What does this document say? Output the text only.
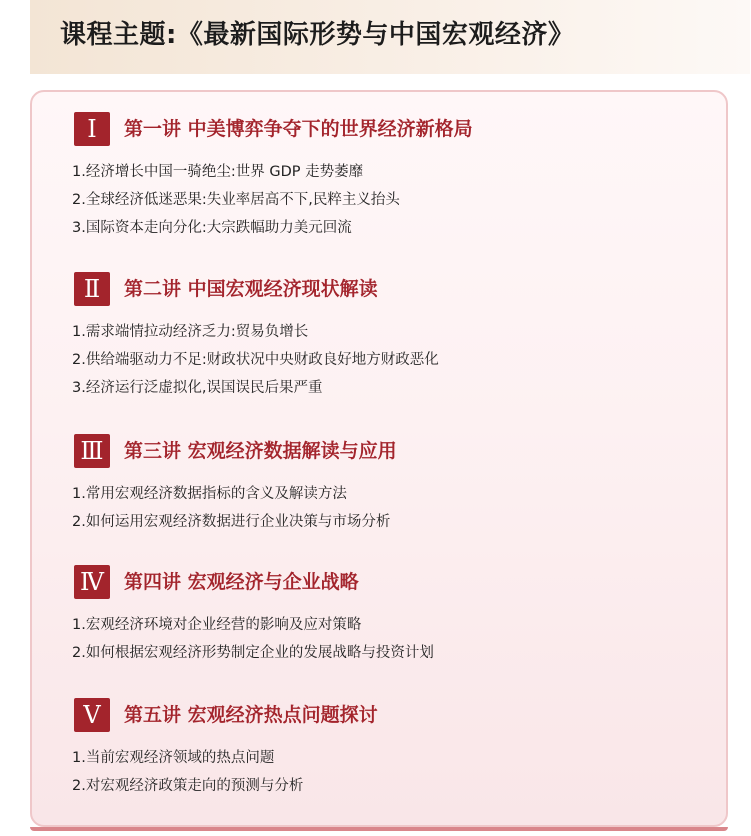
课程主题:《最新国际形势与中国宏观经济》
Ⅰ	第一讲 中美博弈争夺下的世界经济新格局
1.经济增长中国一骑绝尘:世界 GDP 走势萎靡
2.全球经济低迷恶果:失业率居高不下,民粹主义抬头
3.国际资本走向分化:大宗跌幅助力美元回流
Ⅱ	第二讲 中国宏观经济现状解读
1.需求端情拉动经济乏力:贸易负增长
2.供给端驱动力不足:财政状况中央财政良好地方财政恶化
3.经济运行泛虚拟化,误国误民后果严重
Ⅲ	第三讲 宏观经济数据解读与应用
1.常用宏观经济数据指标的含义及解读方法
2.如何运用宏观经济数据进行企业决策与市场分析
Ⅳ	第四讲 宏观经济与企业战略
1.宏观经济环境对企业经营的影响及应对策略
2.如何根据宏观经济形势制定企业的发展战略与投资计划
Ⅴ	第五讲 宏观经济热点问题探讨
1.当前宏观经济领域的热点问题
2.对宏观经济政策走向的预测与分析
